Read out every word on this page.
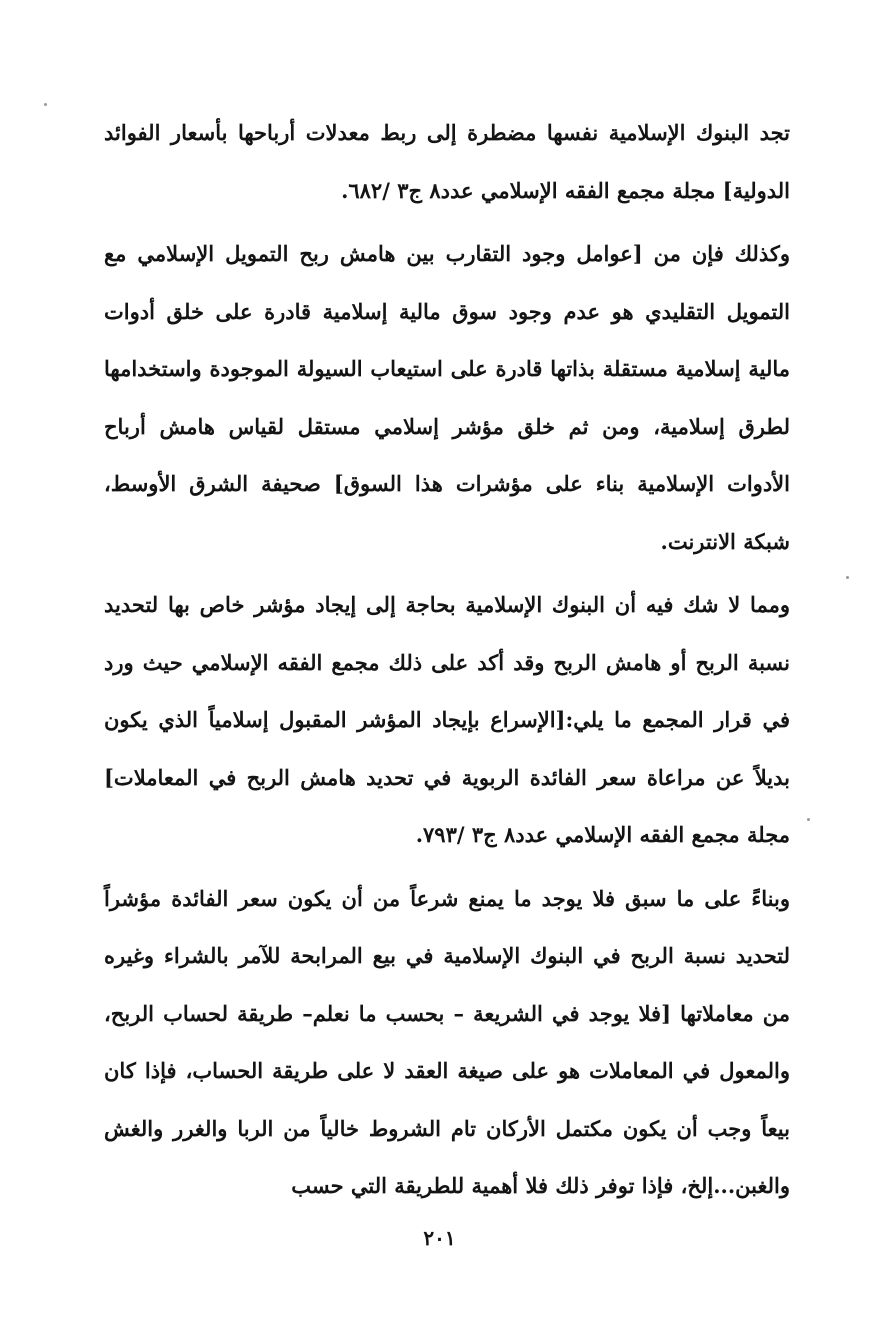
تجد البنوك الإسلامية نفسها مضطرة إلى ربط معدلات أرباحها بأسعار الفوائد الدولية] مجلة مجمع الفقه الإسلامي عدد٨ ج٣ /٦٨٢.

وكذلك فإن من [عوامل وجود التقارب بين هامش ربح التمويل الإسلامي مع التمويل التقليدي هو عدم وجود سوق مالية إسلامية قادرة على خلق أدوات مالية إسلامية مستقلة بذاتها قادرة على استيعاب السيولة الموجودة واستخدامها لطرق إسلامية، ومن ثم خلق مؤشر إسلامي مستقل لقياس هامش أرباح الأدوات الإسلامية بناء على مؤشرات هذا السوق] صحيفة الشرق الأوسط، شبكة الانترنت.

ومما لا شك فيه أن البنوك الإسلامية بحاجة إلى إيجاد مؤشر خاص بها لتحديد نسبة الربح أو هامش الربح وقد أكد على ذلك مجمع الفقه الإسلامي حيث ورد في قرار المجمع ما يلي:[الإسراع بإيجاد المؤشر المقبول إسلامياً الذي يكون بديلاً عن مراعاة سعر الفائدة الربوية في تحديد هامش الربح في المعاملات] مجلة مجمع الفقه الإسلامي عدد٨ ج٣ /٧٩٣.

وبناءً على ما سبق فلا يوجد ما يمنع شرعاً من أن يكون سعر الفائدة مؤشراً لتحديد نسبة الربح في البنوك الإسلامية في بيع المرابحة للآمر بالشراء وغيره من معاملاتها [فلا يوجد في الشريعة – بحسب ما نعلم– طريقة لحساب الربح، والمعول في المعاملات هو على صيغة العقد لا على طريقة الحساب، فإذا كان بيعاً وجب أن يكون مكتمل الأركان تام الشروط خالياً من الربا والغرر والغش والغبن...إلخ، فإذا توفر ذلك فلا أهمية للطريقة التي حسب

٢٠١
